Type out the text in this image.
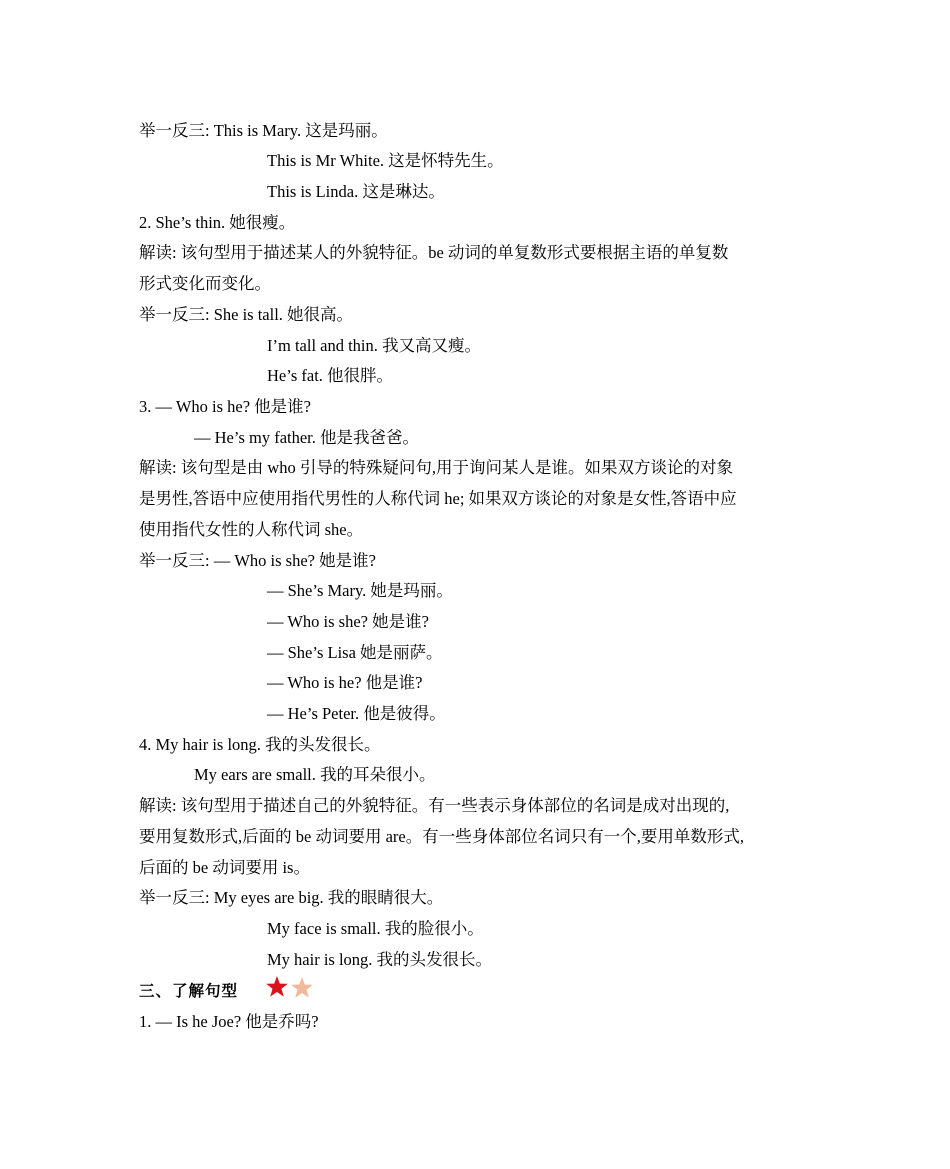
举一反三: This is Mary. 这是玛丽。
This is Mr White. 这是怀特先生。
This is Linda. 这是琳达。
2. She’s thin. 她很瘦。
解读: 该句型用于描述某人的外貌特征。be 动词的单复数形式要根据主语的单复数
形式变化而变化。
举一反三: She is tall. 她很高。
I’m tall and thin. 我又高又瘦。
He’s fat. 他很胖。
3. — Who is he? 他是谁?
— He’s my father. 他是我爸爸。
解读: 该句型是由 who 引导的特殊疑问句,用于询问某人是谁。如果双方谈论的对象
是男性,答语中应使用指代男性的人称代词 he; 如果双方谈论的对象是女性,答语中应
使用指代女性的人称代词 she。
举一反三: — Who is she? 她是谁?
— She’s Mary. 她是玛丽。
— Who is she? 她是谁?
— She’s Lisa 她是丽萨。
— Who is he? 他是谁?
— He’s Peter. 他是彼得。
4. My hair is long. 我的头发很长。
My ears are small. 我的耳朵很小。
解读: 该句型用于描述自己的外貌特征。有一些表示身体部位的名词是成对出现的,
要用复数形式,后面的 be 动词要用 are。有一些身体部位名词只有一个,要用单数形式,
后面的 be 动词要用 is。
举一反三: My eyes are big. 我的眼睛很大。
My face is small. 我的脸很小。
My hair is long. 我的头发很长。
三、了解句型
1. — Is he Joe? 他是乔吗?
